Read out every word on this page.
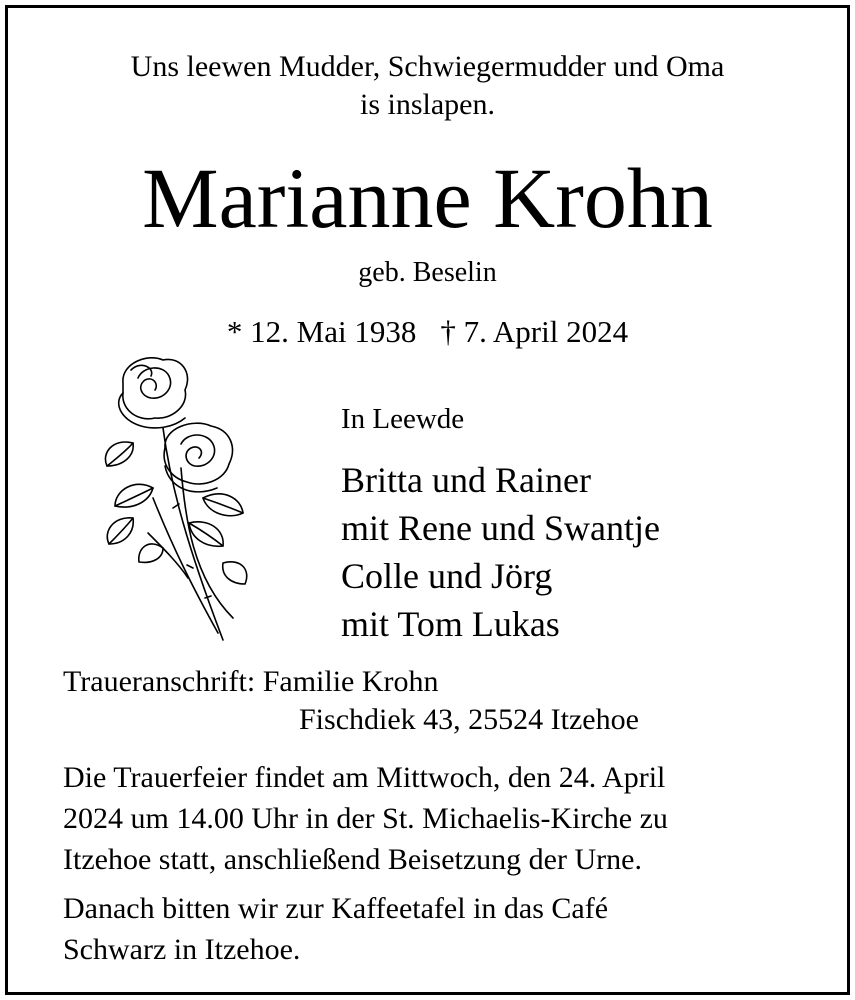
Uns leewen Mudder, Schwiegermudder und Oma
is inslapen.
Marianne Krohn
geb. Beselin
* 12. Mai 1938 † 7. April 2024
In Leewde
Britta und Rainer
mit Rene und Swantje
Colle und Jörg
mit Tom Lukas
Traueranschrift: Familie Krohn
Fischdiek 43, 25524 Itzehoe
Die Trauerfeier findet am Mittwoch, den 24. April
2024 um 14.00 Uhr in der St. Michaelis-Kirche zu
Itzehoe statt, anschließend Beisetzung der Urne.
Danach bitten wir zur Kaffeetafel in das Café
Schwarz in Itzehoe.
